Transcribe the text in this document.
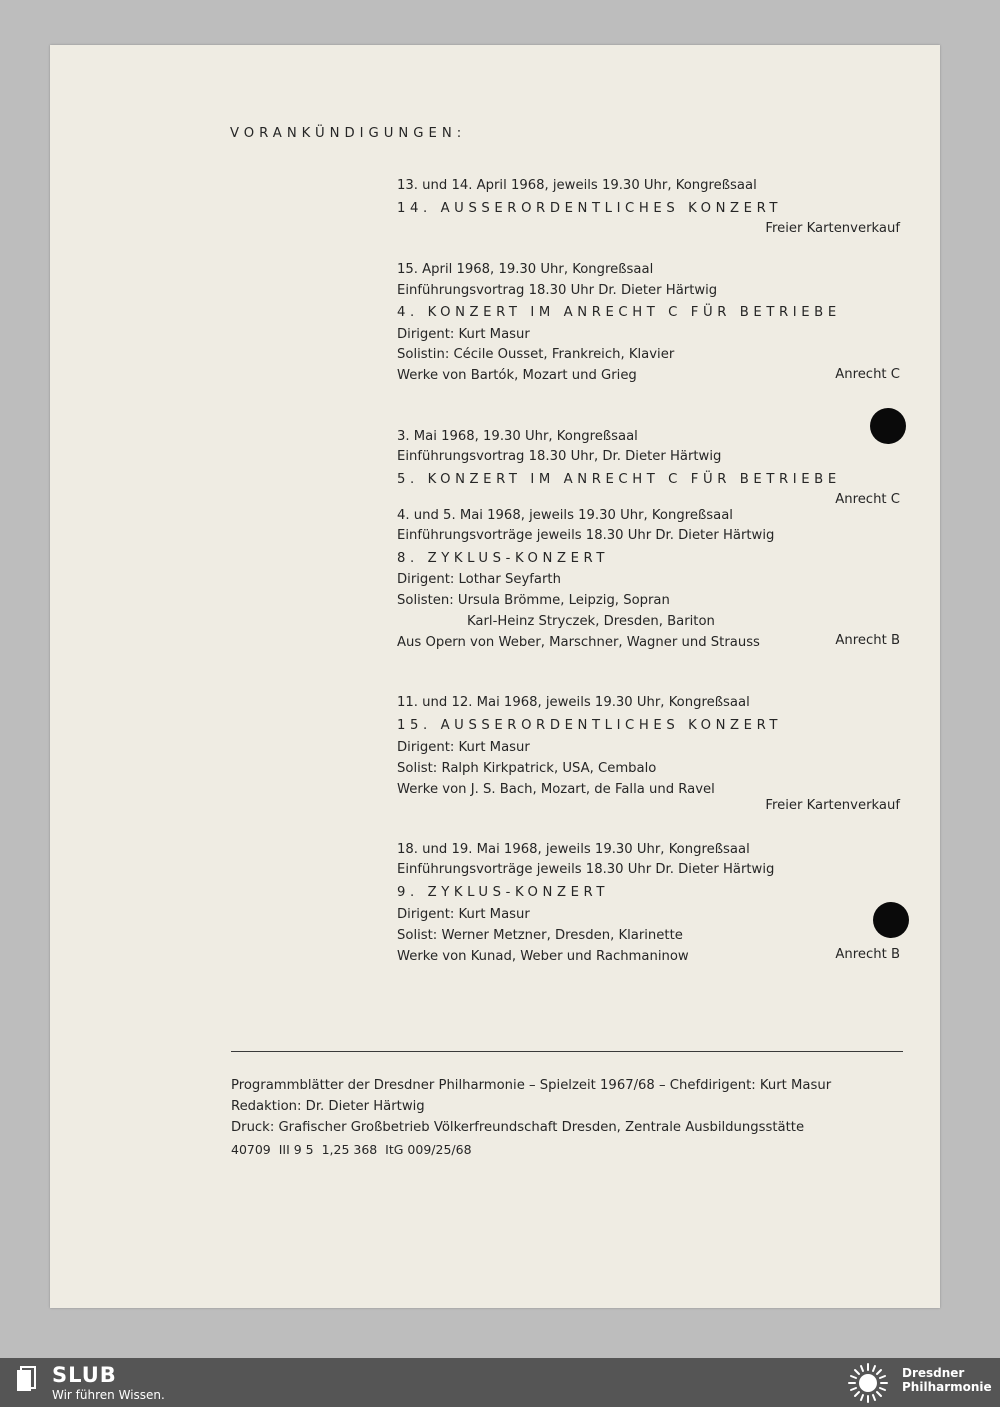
VORANKÜNDIGUNGEN:
13. und 14. April 1968, jeweils 19.30 Uhr, Kongreßsaal
14. AUSSERORDENTLICHES KONZERT
Freier Kartenverkauf
15. April 1968, 19.30 Uhr, Kongreßsaal
Einführungsvortrag 18.30 Uhr Dr. Dieter Härtwig
4. KONZERT IM ANRECHT C FÜR BETRIEBE
Dirigent: Kurt Masur
Solistin: Cécile Ousset, Frankreich, Klavier
Werke von Bartók, Mozart und Grieg	Anrecht C
3. Mai 1968, 19.30 Uhr, Kongreßsaal
Einführungsvortrag 18.30 Uhr, Dr. Dieter Härtwig
5. KONZERT IM ANRECHT C FÜR BETRIEBE
Anrecht C
4. und 5. Mai 1968, jeweils 19.30 Uhr, Kongreßsaal
Einführungsvorträge jeweils 18.30 Uhr Dr. Dieter Härtwig
8. ZYKLUS-KONZERT
Dirigent: Lothar Seyfarth
Solisten: Ursula Brömme, Leipzig, Sopran
Karl-Heinz Stryczek, Dresden, Bariton
Aus Opern von Weber, Marschner, Wagner und Strauss	Anrecht B
11. und 12. Mai 1968, jeweils 19.30 Uhr, Kongreßsaal
15. AUSSERORDENTLICHES KONZERT
Dirigent: Kurt Masur
Solist: Ralph Kirkpatrick, USA, Cembalo
Werke von J. S. Bach, Mozart, de Falla und Ravel
Freier Kartenverkauf
18. und 19. Mai 1968, jeweils 19.30 Uhr, Kongreßsaal
Einführungsvorträge jeweils 18.30 Uhr Dr. Dieter Härtwig
9. ZYKLUS-KONZERT
Dirigent: Kurt Masur
Solist: Werner Metzner, Dresden, Klarinette
Werke von Kunad, Weber und Rachmaninow	Anrecht B
Programmblätter der Dresdner Philharmonie – Spielzeit 1967/68 – Chefdirigent: Kurt Masur
Redaktion: Dr. Dieter Härtwig
Druck: Grafischer Großbetrieb Völkerfreundschaft Dresden, Zentrale Ausbildungsstätte
40709  III 9 5  1,25 368  ItG 009/25/68
SLUB
Wir führen Wissen.
Dresdner
Philharmonie
